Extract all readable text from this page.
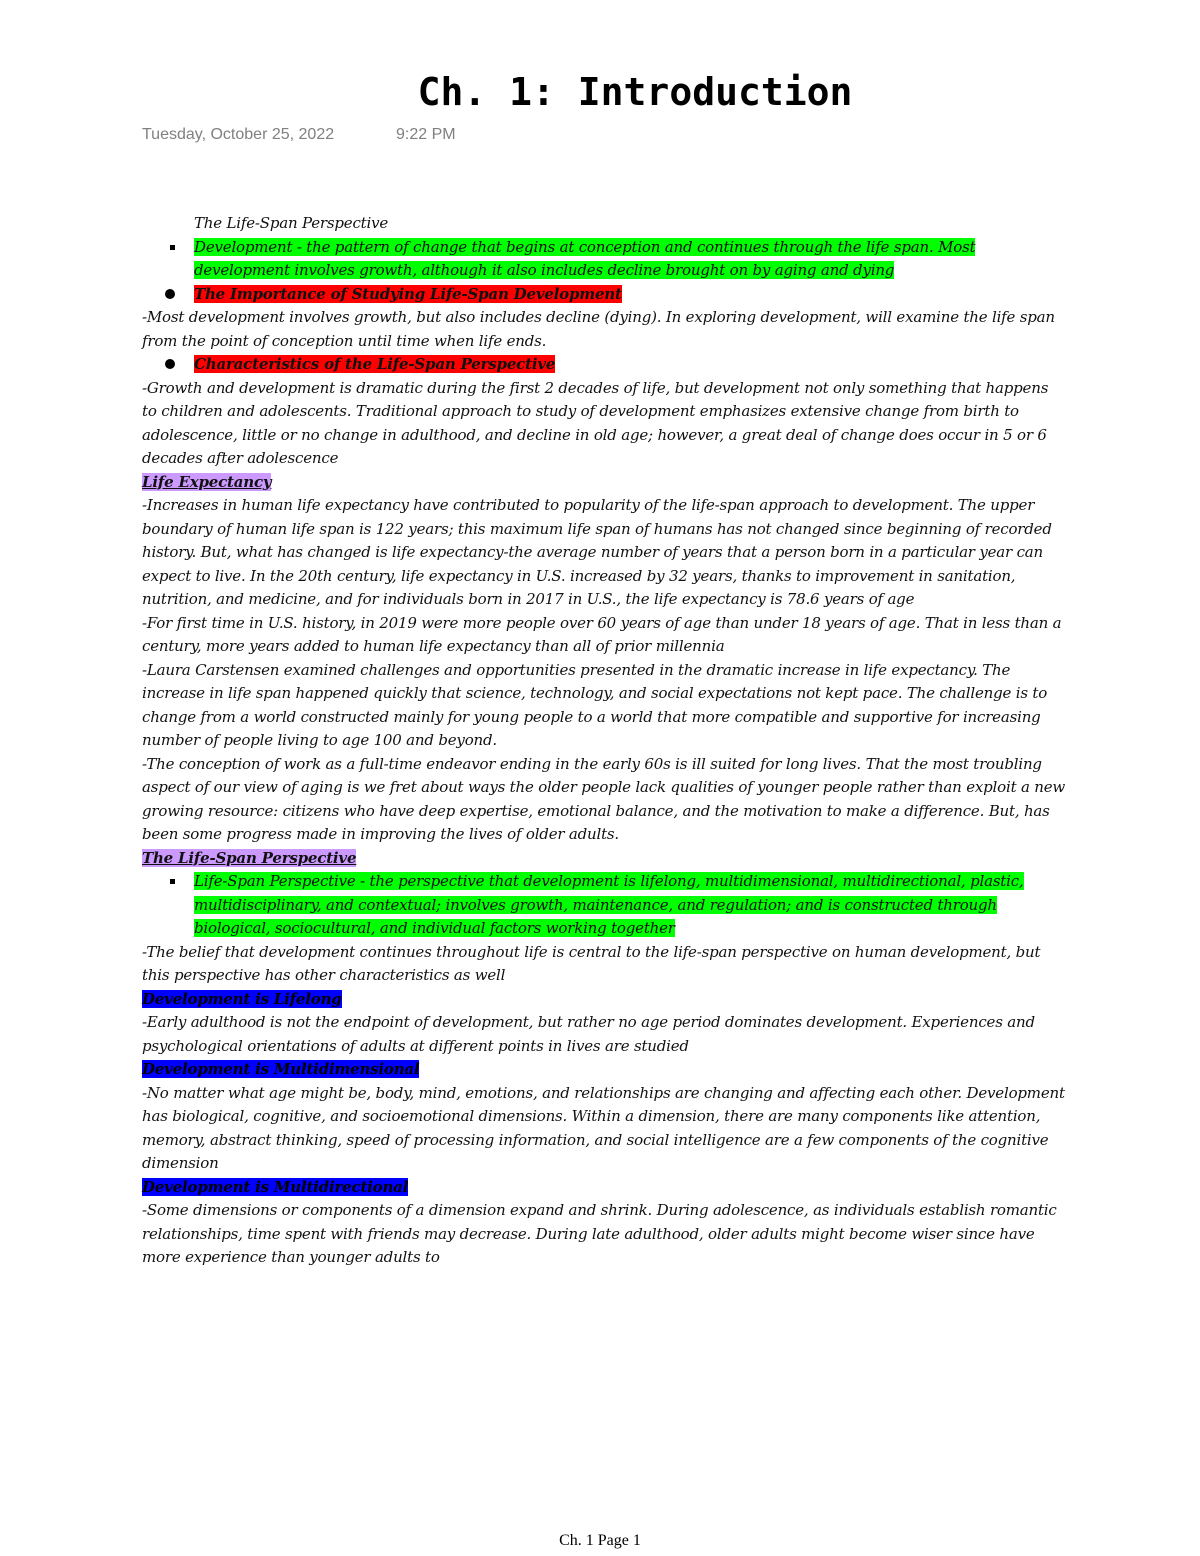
Ch. 1: Introduction
Tuesday, October 25, 2022	9:22 PM

The Life-Span Perspective

Development - the pattern of change that begins at conception and continues through the life span. Most development involves growth, although it also includes decline brought on by aging and dying
The Importance of Studying Life-Span Development

-Most development involves growth, but also includes decline (dying). In exploring development, will examine the life span from the point of conception until time when life ends.

Characteristics of the Life-Span Perspective

-Growth and development is dramatic during the first 2 decades of life, but development not only something that happens to children and adolescents. Traditional approach to study of development emphasizes extensive change from birth to adolescence, little or no change in adulthood, and decline in old age; however, a great deal of change does occur in 5 or 6 decades after adolescence

Life Expectancy

-Increases in human life expectancy have contributed to popularity of the life-span approach to development. The upper boundary of human life span is 122 years; this maximum life span of humans has not changed since beginning of recorded history. But, what has changed is life expectancy-the average number of years that a person born in a particular year can expect to live. In the 20th century, life expectancy in U.S. increased by 32 years, thanks to improvement in sanitation, nutrition, and medicine, and for individuals born in 2017 in U.S., the life expectancy is 78.6 years of age

-For first time in U.S. history, in 2019 were more people over 60 years of age than under 18 years of age. That in less than a century, more years added to human life expectancy than all of prior millennia

-Laura Carstensen examined challenges and opportunities presented in the dramatic increase in life expectancy. The increase in life span happened quickly that science, technology, and social expectations not kept pace. The challenge is to change from a world constructed mainly for young people to a world that more compatible and supportive for increasing number of people living to age 100 and beyond.

-The conception of work as a full-time endeavor ending in the early 60s is ill suited for long lives. That the most troubling aspect of our view of aging is we fret about ways the older people lack qualities of younger people rather than exploit a new growing resource: citizens who have deep expertise, emotional balance, and the motivation to make a difference. But, has been some progress made in improving the lives of older adults.

The Life-Span Perspective

Life-Span Perspective - the perspective that development is lifelong, multidimensional, multidirectional, plastic, multidisciplinary, and contextual; involves growth, maintenance, and regulation; and is constructed through biological, sociocultural, and individual factors working together

-The belief that development continues throughout life is central to the life-span perspective on human development, but this perspective has other characteristics as well

Development is Lifelong

-Early adulthood is not the endpoint of development, but rather no age period dominates development. Experiences and psychological orientations of adults at different points in lives are studied

Development is Multidimensional

-No matter what age might be, body, mind, emotions, and relationships are changing and affecting each other. Development has biological, cognitive, and socioemotional dimensions. Within a dimension, there are many components like attention, memory, abstract thinking, speed of processing information, and social intelligence are a few components of the cognitive dimension

Development is Multidirectional

-Some dimensions or components of a dimension expand and shrink. During adolescence, as individuals establish romantic relationships, time spent with friends may decrease. During late adulthood, older adults might become wiser since have more experience than younger adults to

Ch. 1 Page 1
